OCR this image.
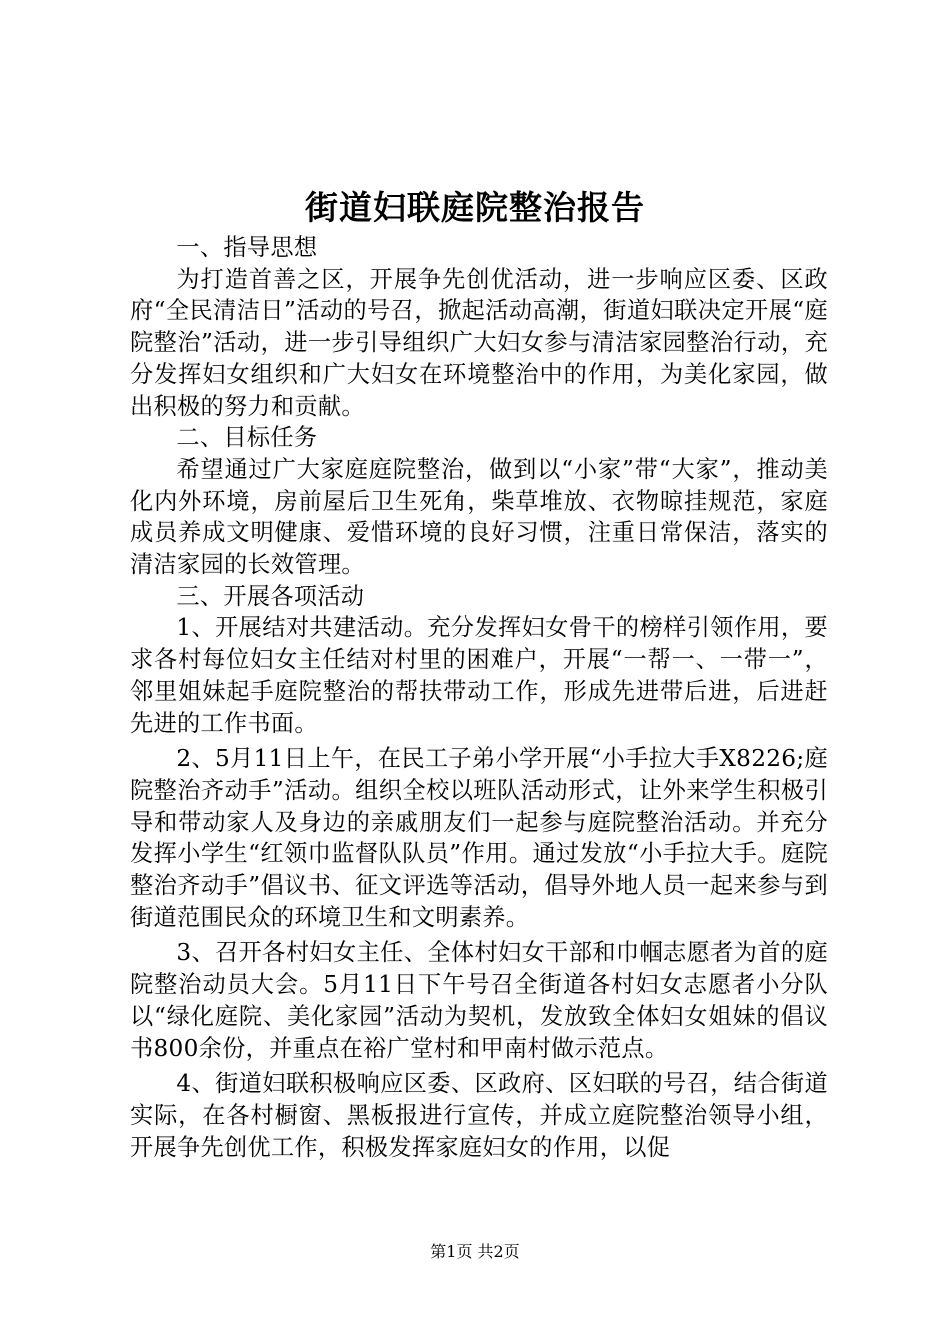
街道妇联庭院整治报告

一、指导思想

为打造首善之区，开展争先创优活动，进一步响应区委、区政府“全民清洁日”活动的号召，掀起活动高潮，街道妇联决定开展“庭院整治”活动，进一步引导组织广大妇女参与清洁家园整治行动，充分发挥妇女组织和广大妇女在环境整治中的作用，为美化家园，做出积极的努力和贡献。

二、目标任务

希望通过广大家庭庭院整治，做到以“小家”带“大家”，推动美化内外环境，房前屋后卫生死角，柴草堆放、衣物晾挂规范，家庭成员养成文明健康、爱惜环境的良好习惯，注重日常保洁，落实的清洁家园的长效管理。

三、开展各项活动

1、开展结对共建活动。充分发挥妇女骨干的榜样引领作用，要求各村每位妇女主任结对村里的困难户，开展“一帮一、一带一”，邻里姐妹起手庭院整治的帮扶带动工作，形成先进带后进，后进赶先进的工作书面。

2、5月11日上午，在民工子弟小学开展“小手拉大手X8226;庭院整治齐动手”活动。组织全校以班队活动形式，让外来学生积极引导和带动家人及身边的亲戚朋友们一起参与庭院整治活动。并充分发挥小学生“红领巾监督队队员”作用。通过发放“小手拉大手。庭院整治齐动手”倡议书、征文评选等活动，倡导外地人员一起来参与到街道范围民众的环境卫生和文明素养。

3、召开各村妇女主任、全体村妇女干部和巾帼志愿者为首的庭院整治动员大会。5月11日下午号召全街道各村妇女志愿者小分队以“绿化庭院、美化家园”活动为契机，发放致全体妇女姐妹的倡议书800余份，并重点在裕广堂村和甲南村做示范点。

4、街道妇联积极响应区委、区政府、区妇联的号召，结合街道实际，在各村橱窗、黑板报进行宣传，并成立庭院整治领导小组，开展争先创优工作，积极发挥家庭妇女的作用，以促

第1页 共2页
